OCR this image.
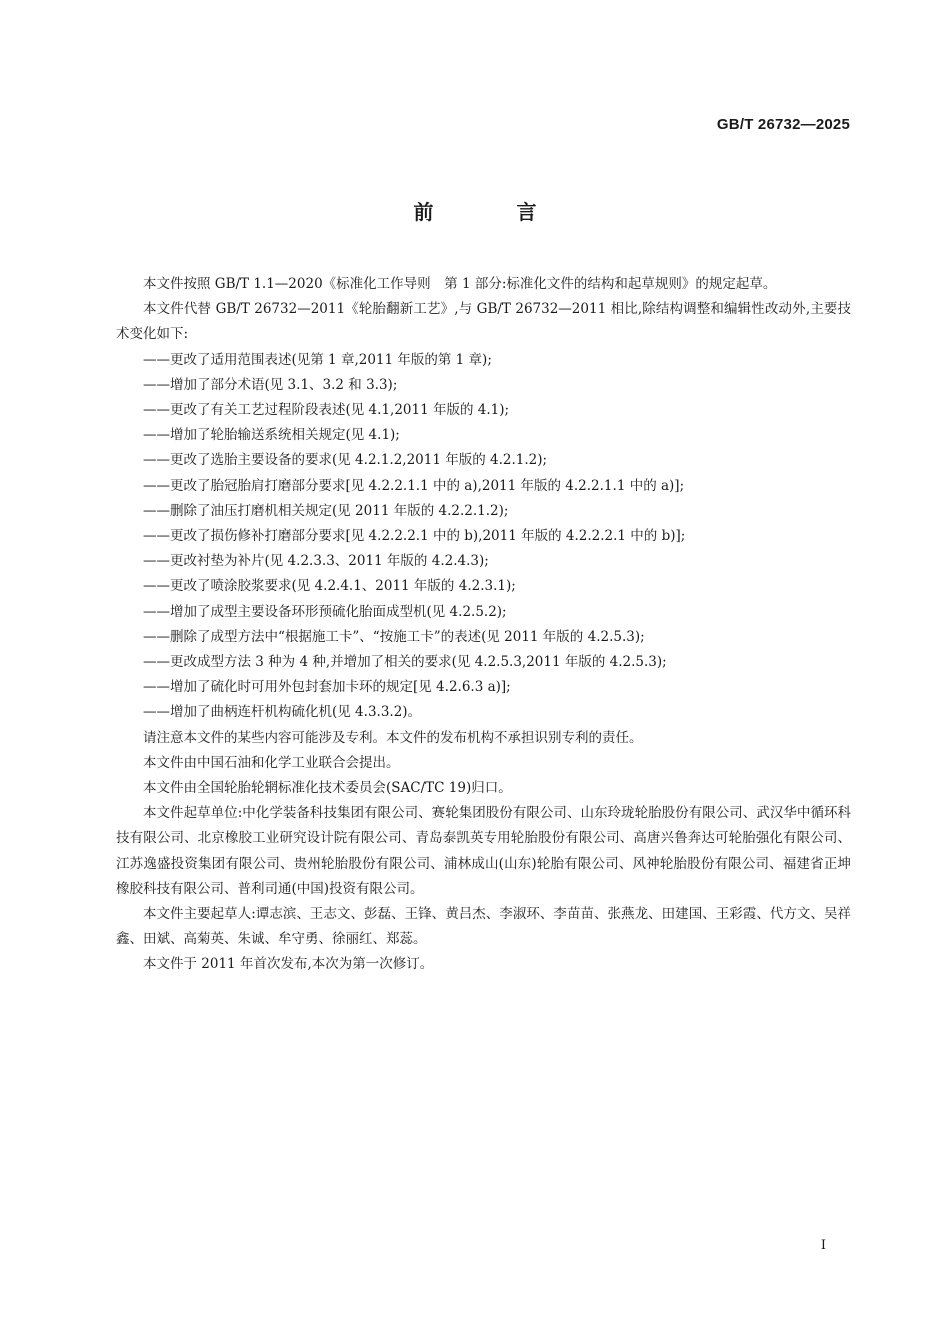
GB/T 26732—2025
前 言

本文件按照 GB/T 1.1—2020《标准化工作导则　第 1 部分:标准化文件的结构和起草规则》的规定起草。

本文件代替 GB/T 26732—2011《轮胎翻新工艺》,与 GB/T 26732—2011 相比,除结构调整和编辑性改动外,主要技术变化如下:

——更改了适用范围表述(见第 1 章,2011 年版的第 1 章);

——增加了部分术语(见 3.1、3.2 和 3.3);

——更改了有关工艺过程阶段表述(见 4.1,2011 年版的 4.1);

——增加了轮胎输送系统相关规定(见 4.1);

——更改了选胎主要设备的要求(见 4.2.1.2,2011 年版的 4.2.1.2);

——更改了胎冠胎肩打磨部分要求[见 4.2.2.1.1 中的 a),2011 年版的 4.2.2.1.1 中的 a)];

——删除了油压打磨机相关规定(见 2011 年版的 4.2.2.1.2);

——更改了损伤修补打磨部分要求[见 4.2.2.2.1 中的 b),2011 年版的 4.2.2.2.1 中的 b)];

——更改衬垫为补片(见 4.2.3.3、2011 年版的 4.2.4.3);

——更改了喷涂胶浆要求(见 4.2.4.1、2011 年版的 4.2.3.1);

——增加了成型主要设备环形预硫化胎面成型机(见 4.2.5.2);

——删除了成型方法中“根据施工卡”、“按施工卡”的表述(见 2011 年版的 4.2.5.3);

——更改成型方法 3 种为 4 种,并增加了相关的要求(见 4.2.5.3,2011 年版的 4.2.5.3);

——增加了硫化时可用外包封套加卡环的规定[见 4.2.6.3 a)];

——增加了曲柄连杆机构硫化机(见 4.3.3.2)。

请注意本文件的某些内容可能涉及专利。本文件的发布机构不承担识别专利的责任。

本文件由中国石油和化学工业联合会提出。

本文件由全国轮胎轮辋标准化技术委员会(SAC/TC 19)归口。

本文件起草单位:中化学装备科技集团有限公司、赛轮集团股份有限公司、山东玲珑轮胎股份有限公司、武汉华中循环科技有限公司、北京橡胶工业研究设计院有限公司、青岛泰凯英专用轮胎股份有限公司、高唐兴鲁奔达可轮胎强化有限公司、江苏逸盛投资集团有限公司、贵州轮胎股份有限公司、浦林成山(山东)轮胎有限公司、风神轮胎股份有限公司、福建省正坤橡胶科技有限公司、普利司通(中国)投资有限公司。

本文件主要起草人:谭志滨、王志文、彭磊、王锋、黄吕杰、李淑环、李苗苗、张燕龙、田建国、王彩霞、代方文、吴祥鑫、田斌、高菊英、朱诚、牟守勇、徐丽红、郑蕊。

本文件于 2011 年首次发布,本次为第一次修订。

I
